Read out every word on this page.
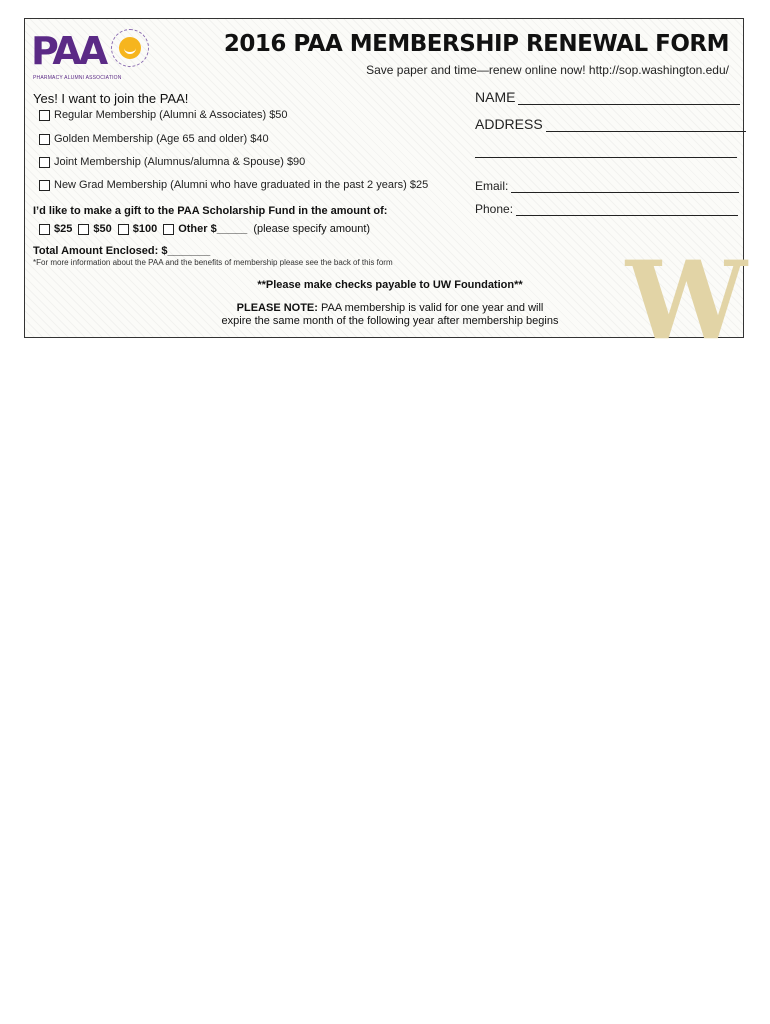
PAA
PHARMACY ALUMNI ASSOCIATION
2016 PAA MEMBERSHIP RENEWAL FORM
Save paper and time—renew online now! http://sop.washington.edu/
Yes! I want to join the PAA!
Regular Membership (Alumni & Associates) $50
Golden Membership (Age 65 and older) $40
Joint Membership (Alumnus/alumna & Spouse) $90
New Grad Membership (Alumni who have graduated in the past 2 years) $25
I’d like to make a gift to the PAA Scholarship Fund in the amount of:
$25 $50 $100 Other $_____ (please specify amount)
Total Amount Enclosed: $_______
*For more information about the PAA and the benefits of membership please see the back of this form
NAME
ADDRESS
Email:
Phone:
W
**Please make checks payable to UW Foundation**
PLEASE NOTE: PAA membership is valid for one year and will
expire the same month of the following year after membership begins
